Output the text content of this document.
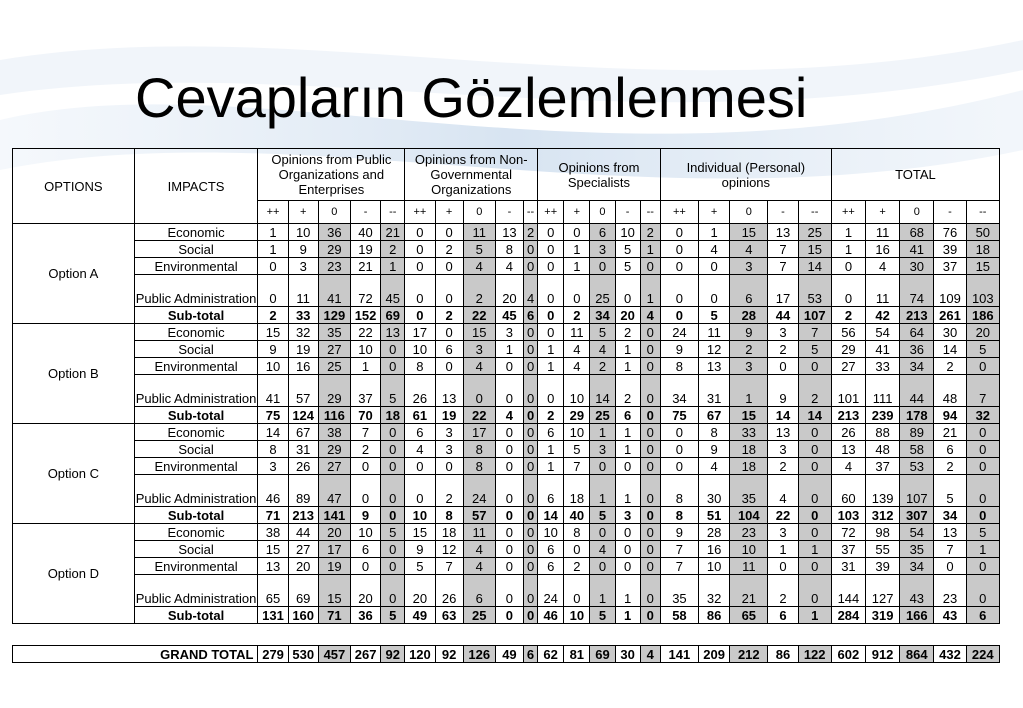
Cevapların Gözlemlenmesi
OPTIONS	IMPACTS	Opinions from Public Organizations and Enterprises					Opinions from Non-Governmental Organizations					Opinions from Specialists					Individual (Personal) opinions					TOTAL				
		++	+	0	-	--	++	+	0	-	--	++	+	0	-	--	++	+	0	-	--	++	+	0	-	--
Option A	Economic	1	10	36	40	21	0	0	11	13	2	0	0	6	10	2	0	1	15	13	25	1	11	68	76	50
	Social	1	9	29	19	2	0	2	5	8	0	0	1	3	5	1	0	4	4	7	15	1	16	41	39	18
	Environmental	0	3	23	21	1	0	0	4	4	0	0	1	0	5	0	0	0	3	7	14	0	4	30	37	15
	Public Administration	0	11	41	72	45	0	0	2	20	4	0	0	25	0	1	0	0	6	17	53	0	11	74	109	103
	Sub-total	2	33	129	152	69	0	2	22	45	6	0	2	34	20	4	0	5	28	44	107	2	42	213	261	186
Option B	Economic	15	32	35	22	13	17	0	15	3	0	0	11	5	2	0	24	11	9	3	7	56	54	64	30	20
	Social	9	19	27	10	0	10	6	3	1	0	1	4	4	1	0	9	12	2	2	5	29	41	36	14	5
	Environmental	10	16	25	1	0	8	0	4	0	0	1	4	2	1	0	8	13	3	0	0	27	33	34	2	0
	Public Administration	41	57	29	37	5	26	13	0	0	0	0	10	14	2	0	34	31	1	9	2	101	111	44	48	7
	Sub-total	75	124	116	70	18	61	19	22	4	0	2	29	25	6	0	75	67	15	14	14	213	239	178	94	32
Option C	Economic	14	67	38	7	0	6	3	17	0	0	6	10	1	1	0	0	8	33	13	0	26	88	89	21	0
	Social	8	31	29	2	0	4	3	8	0	0	1	5	3	1	0	0	9	18	3	0	13	48	58	6	0
	Environmental	3	26	27	0	0	0	0	8	0	0	1	7	0	0	0	0	4	18	2	0	4	37	53	2	0
	Public Administration	46	89	47	0	0	0	2	24	0	0	6	18	1	1	0	8	30	35	4	0	60	139	107	5	0
	Sub-total	71	213	141	9	0	10	8	57	0	0	14	40	5	3	0	8	51	104	22	0	103	312	307	34	0
Option D	Economic	38	44	20	10	5	15	18	11	0	0	10	8	0	0	0	9	28	23	3	0	72	98	54	13	5
	Social	15	27	17	6	0	9	12	4	0	0	6	0	4	0	0	7	16	10	1	1	37	55	35	7	1
	Environmental	13	20	19	0	0	5	7	4	0	0	6	2	0	0	0	7	10	11	0	0	31	39	34	0	0
	Public Administration	65	69	15	20	0	20	26	6	0	0	24	0	1	1	0	35	32	21	2	0	144	127	43	23	0
	Sub-total	131	160	71	36	5	49	63	25	0	0	46	10	5	1	0	58	86	65	6	1	284	319	166	43	6
GRAND TOTAL	279	530	457	267	92	120	92	126	49	6	62	81	69	30	4	141	209	212	86	122	602	912	864	432	224
